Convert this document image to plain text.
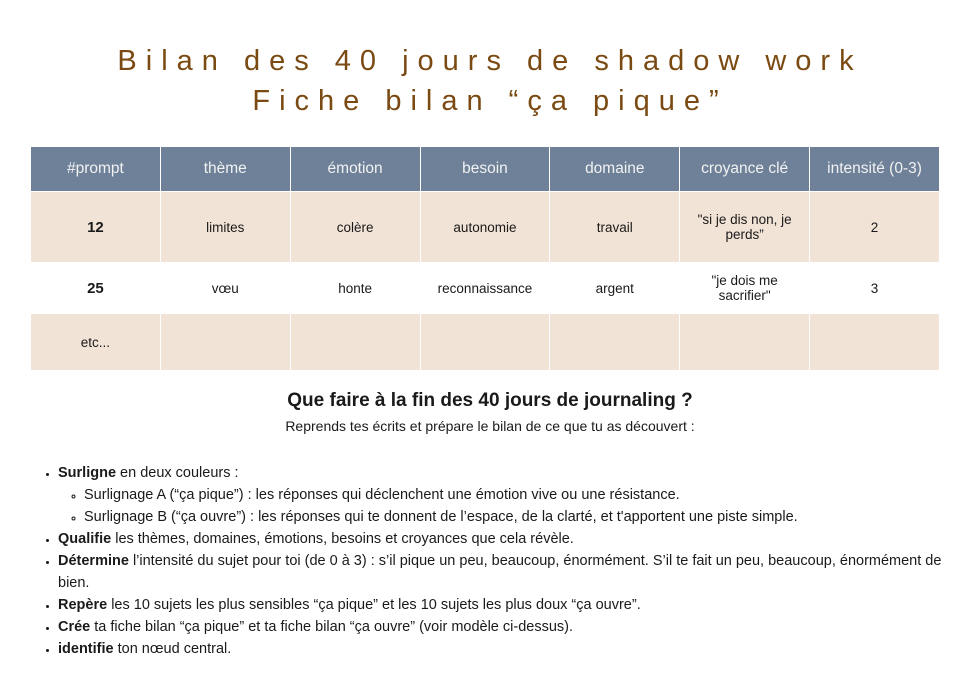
Bilan des 40 jours de shadow work
Fiche bilan “ça pique”
#prompt	thème	émotion	besoin	domaine	croyance clé	intensité (0-3)
12	limites	colère	autonomie	travail	"si je dis non, je perds”	2
25	vœu	honte	reconnaissance	argent	"je dois me sacrifier"	3
etc...						
Que faire à la fin des 40 jours de journaling ?
Reprends tes écrits et prépare le bilan de ce que tu as découvert :
• Surligne en deux couleurs :
◦ Surlignage A (“ça pique”) : les réponses qui déclenchent une émotion vive ou une résistance.
◦ Surlignage B (“ça ouvre”) : les réponses qui te donnent de l’espace, de la clarté, et t'apportent une piste simple.
• Qualifie les thèmes, domaines, émotions, besoins et croyances que cela révèle.
• Détermine l’intensité du sujet pour toi (de 0 à 3) : s’il pique un peu, beaucoup, énormément. S’il te fait un peu, beaucoup, énormément de bien.
• Repère les 10 sujets les plus sensibles “ça pique” et les 10 sujets les plus doux “ça ouvre”.
• Crée ta fiche bilan “ça pique” et ta fiche bilan “ça ouvre” (voir modèle ci-dessus).
• identifie ton nœud central.
